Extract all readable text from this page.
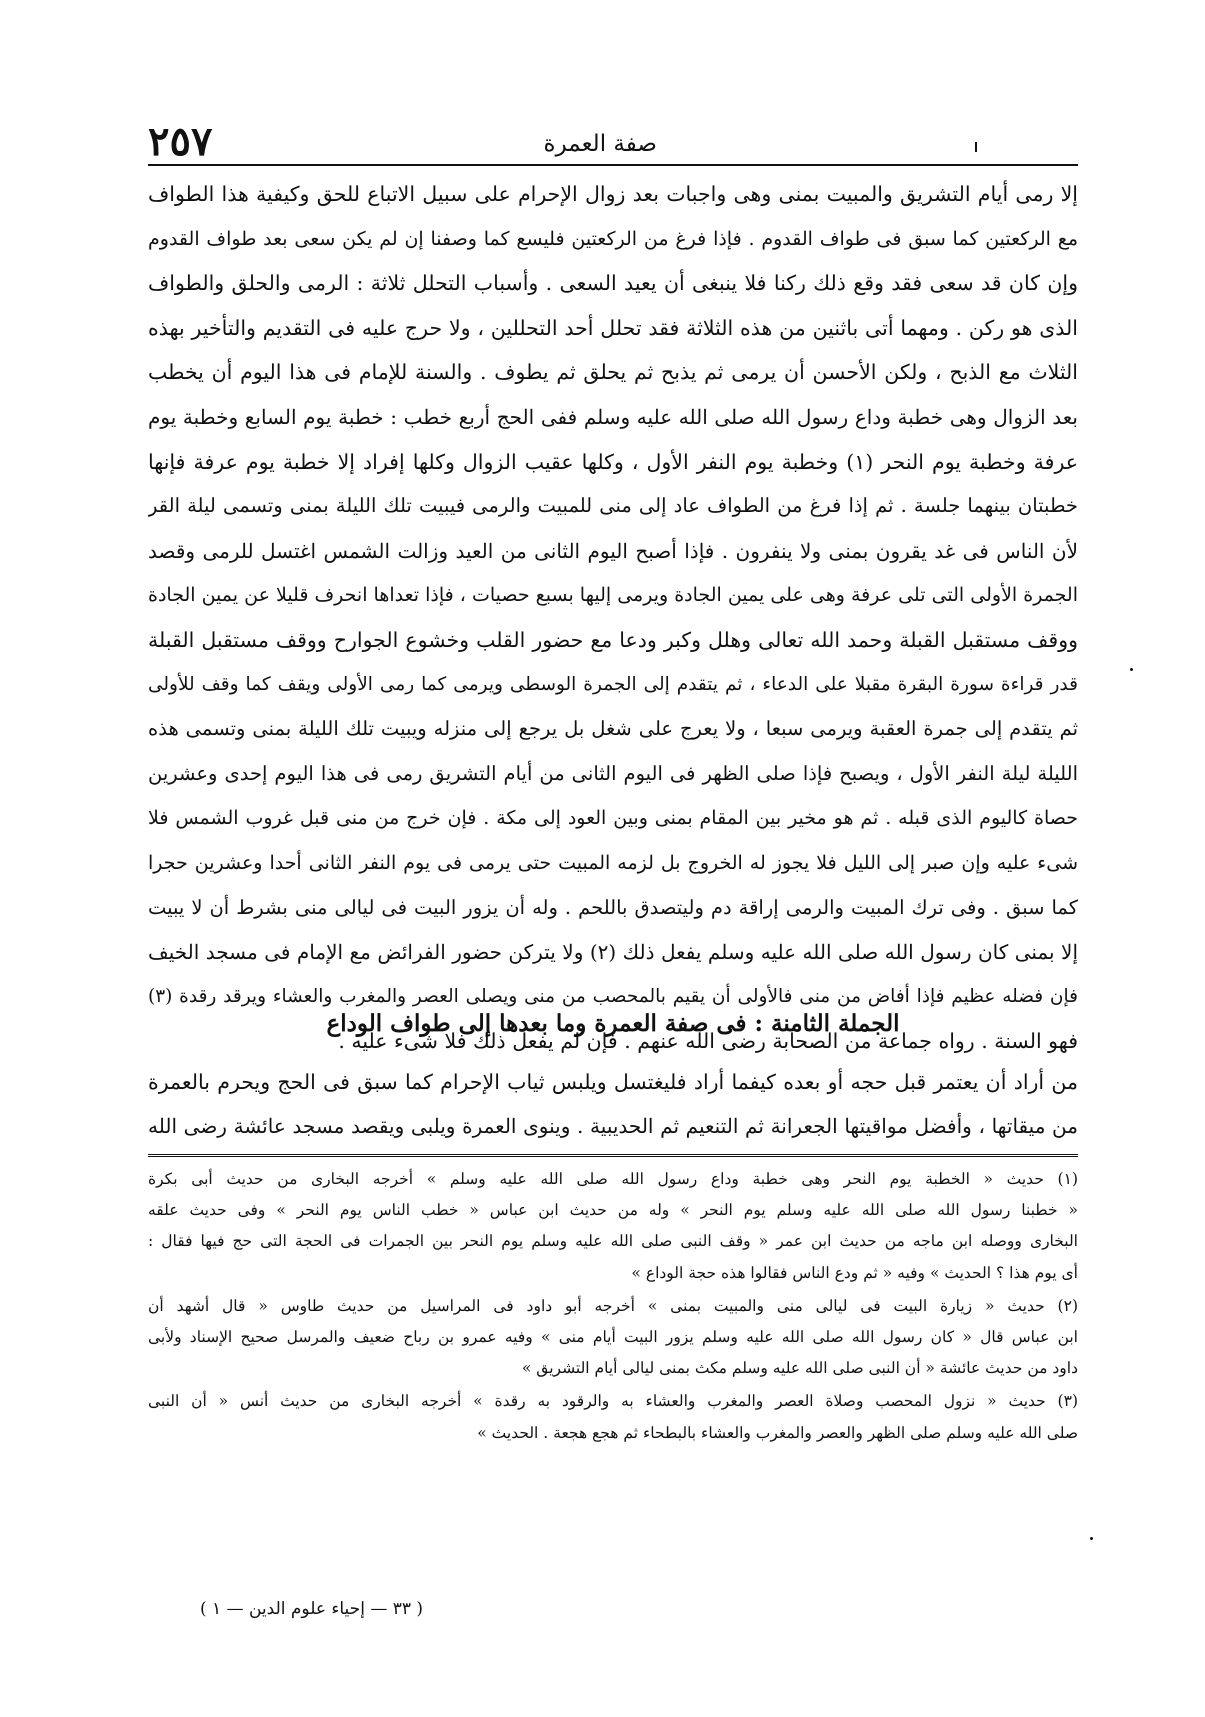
٢٥٧	صفة العمرة
إلا رمى أيام التشريق والمبيت بمنى وهى واجبات بعد زوال الإحرام على سبيل الاتباع للحق وكيفية هذا الطواف
مع الركعتين كما سبق فى طواف القدوم . فإذا فرغ من الركعتين فليسع كما وصفنا إن لم يكن سعى بعد طواف القدوم
وإن كان قد سعى فقد وقع ذلك ركنا فلا ينبغى أن يعيد السعى . وأسباب التحلل ثلاثة : الرمى والحلق والطواف
الذى هو ركن . ومهما أتى باثنين من هذه الثلاثة فقد تحلل أحد التحللين ، ولا حرج عليه فى التقديم والتأخير بهذه
الثلاث مع الذبح ، ولكن الأحسن أن يرمى ثم يذبح ثم يحلق ثم يطوف . والسنة للإمام فى هذا اليوم أن يخطب
بعد الزوال وهى خطبة وداع رسول الله صلى الله عليه وسلم ففى الحج أربع خطب : خطبة يوم السابع وخطبة يوم
عرفة وخطبة يوم النحر (١) وخطبة يوم النفر الأول ، وكلها عقيب الزوال وكلها إفراد إلا خطبة يوم عرفة فإنها
خطبتان بينهما جلسة . ثم إذا فرغ من الطواف عاد إلى منى للمبيت والرمى فيبيت تلك الليلة بمنى وتسمى ليلة القر
لأن الناس فى غد يقرون بمنى ولا ينفرون . فإذا أصبح اليوم الثانى من العيد وزالت الشمس اغتسل للرمى وقصد
الجمرة الأولى التى تلى عرفة وهى على يمين الجادة ويرمى إليها بسبع حصيات ، فإذا تعداها انحرف قليلا عن يمين الجادة
ووقف مستقبل القبلة وحمد الله تعالى وهلل وكبر ودعا مع حضور القلب وخشوع الجوارح ووقف مستقبل القبلة
قدر قراءة سورة البقرة مقبلا على الدعاء ، ثم يتقدم إلى الجمرة الوسطى ويرمى كما رمى الأولى ويقف كما وقف للأولى
ثم يتقدم إلى جمرة العقبة ويرمى سبعا ، ولا يعرج على شغل بل يرجع إلى منزله ويبيت تلك الليلة بمنى وتسمى هذه
الليلة ليلة النفر الأول ، ويصبح فإذا صلى الظهر فى اليوم الثانى من أيام التشريق رمى فى هذا اليوم إحدى وعشرين
حصاة كاليوم الذى قبله . ثم هو مخير بين المقام بمنى وبين العود إلى مكة . فإن خرج من منى قبل غروب الشمس فلا
شىء عليه وإن صبر إلى الليل فلا يجوز له الخروج بل لزمه المبيت حتى يرمى فى يوم النفر الثانى أحدا وعشرين حجرا
كما سبق . وفى ترك المبيت والرمى إراقة دم وليتصدق باللحم . وله أن يزور البيت فى ليالى منى بشرط أن لا يبيت
إلا بمنى كان رسول الله صلى الله عليه وسلم يفعل ذلك (٢) ولا يتركن حضور الفرائض مع الإمام فى مسجد الخيف
فإن فضله عظيم فإذا أفاض من منى فالأولى أن يقيم بالمحصب من منى ويصلى العصر والمغرب والعشاء ويرقد رقدة (٣)
فهو السنة . رواه جماعة من الصحابة رضى الله عنهم . فإن لم يفعل ذلك فلا شىء عليه .
الجملة الثامنة : فى صفة العمرة وما بعدها إلى طواف الوداع
من أراد أن يعتمر قبل حجه أو بعده كيفما أراد فليغتسل ويلبس ثياب الإحرام كما سبق فى الحج ويحرم بالعمرة
من ميقاتها ، وأفضل مواقيتها الجعرانة ثم التنعيم ثم الحديبية . وينوى العمرة ويلبى ويقصد مسجد عائشة رضى الله
(١) حديث « الخطبة يوم النحر وهى خطبة وداع رسول الله صلى الله عليه وسلم » أخرجه البخارى من حديث أبى بكرة
« خطبنا رسول الله صلى الله عليه وسلم يوم النحر » وله من حديث ابن عباس « خطب الناس يوم النحر » وفى حديث علقه
البخارى ووصله ابن ماجه من حديث ابن عمر « وقف النبى صلى الله عليه وسلم يوم النحر بين الجمرات فى الحجة التى حج فيها فقال :
أى يوم هذا ؟ الحديث » وفيه « ثم ودع الناس فقالوا هذه حجة الوداع »
(٢) حديث « زيارة البيت فى ليالى منى والمبيت بمنى » أخرجه أبو داود فى المراسيل من حديث طاوس « قال أشهد أن
ابن عباس قال « كان رسول الله صلى الله عليه وسلم يزور البيت أيام منى » وفيه عمرو بن رباح ضعيف والمرسل صحيح الإسناد ولأبى
داود من حديث عائشة « أن النبى صلى الله عليه وسلم مكث بمنى ليالى أيام التشريق »
(٣) حديث « نزول المحصب وصلاة العصر والمغرب والعشاء به والرقود به رقدة » أخرجه البخارى من حديث أنس « أن النبى
صلى الله عليه وسلم صلى الظهر والعصر والمغرب والعشاء بالبطحاء ثم هجع هجعة . الحديث »
( ٣٣ — إحياء علوم الدين — ١ )
